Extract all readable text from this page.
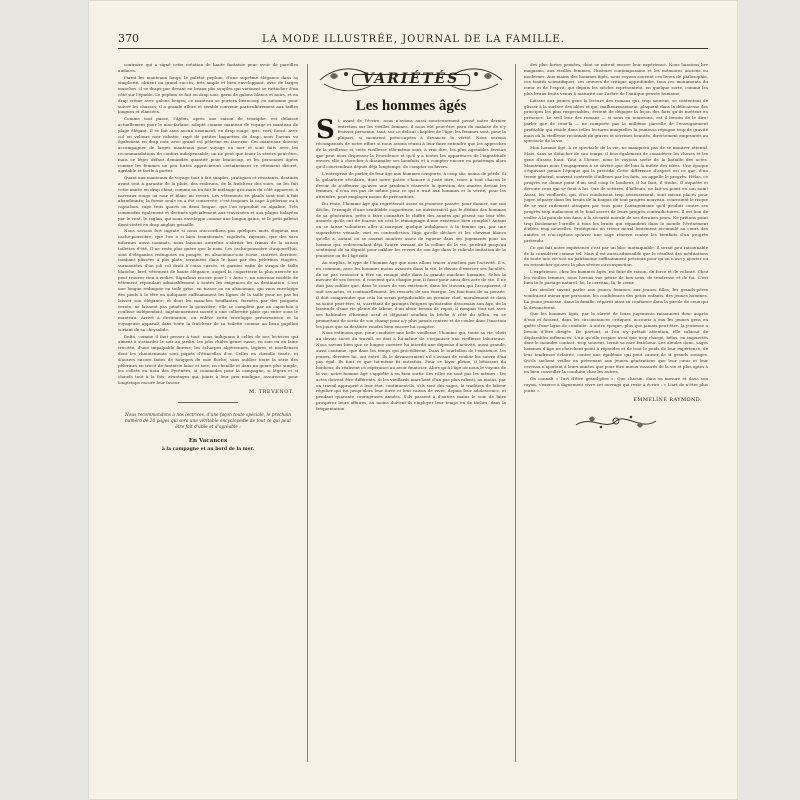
370	LA MODE ILLUSTRÉE, JOURNAL DE LA FAMILLE.

contraire qui a signé cette création de haute fantaisie pour avoir de pareilles audaces.

Parmi les manteaux longs, le paletot peplum, d'une suprême élégance dans sa simplicité, obtient un grand succès; très ample et bien enveloppant, avec de larges manches, il se drape par devant en beaux plis souples qui viennent se rattacher d'un côté sur l'épaule. Le peplum se fait en drap noir, garni de galons blancs et noirs, et en drap crème avec galons beiges; ce manteau se portera beaucoup en automne pour suivre les chasses; il a grande allure et semble convenir particulièrement aux tailles longues et élancées.

Comme tout passe, l'Ajdon, après une saison de triomphe, est délaissé actuellement pour le mac-farlane, adopté comme manteau de voyage et manteau de plage élégant. Il se fait sans aucun ornement, en drap rouge, gris, vert, foncé, avec col en velours noir rabattu, rayé de petites baguettes de drap; nous l'avons vu également en drap noir, avec grand col pèlerine en Lucerne. Ces manteaux doivent accompagner de larges manteaux pour voyage en mer et sont faits avec les recommandations de confort indispensable; on ne peut que louer la sévère peut-être, mais ce léger défaut demandés quantité pour beaucoup, et les personnes âgées comme les femmes un peu fortes apprécieront certainement ce vêtement discret, agréable et facile à porter.

Quant aux manteaux de voyage tout à fait simples, pratiques et résistants, destinés avant tout à garantir de la pluie, des embruns, de la fraîcheur des soirs, on les fait cette année en drap chiné, comme on en fait le mélange gris mais du côté apparent, à carreaux rouge ou noir et blanc au revers. Les vêtements en plaids sont tout à fait abandonnés; la forme seule en a été conservée; c'est toujours la cape à pèlerine ou à capuchon, cape trois quarts ou demi longue, que l'on reproduit en alpaline. Très commodes également et destinés spécialement aux traversées et aux plages balayées par le vent, le raglan, qui nous enveloppe comme une longue gaine, et le petit paletot demi-cintré en drap anglais grisaille.

Nous serions fort ingrate si nous n'accordions pas quelques mots élogieux aux cache-poussière, que l'on a si bien transformés, enjolivés, rajeunis, que des sacs informes aussi nommés, nous laissons autrefois s'abriter les frimas de la saison toilettes d'été. Il ne reste plus guère que le nom. Les cache-poussière d'aujourd'hui, sont d'élégantes redingotes en pongée, en alsacienne-soie écrue, cintrées derrière, tombant plissées à plis plats; terminées dans le haut par des pèlerines étagées, surmontées d'un joli col droit à coins cassés, et garnies enfin de straps de faille blanche; bref, vêtement de haute élégance, auquel la coquetterie la plus exercée ne peut trouver rien à redire. Signalons encore pour l' « Auto », un nouveau modèle de vêtement répondant admirablement à toutes les exigences de sa destination. C'est une longue redingote en toile grise, en tussor ou en alsacienne, qui vous enveloppe des pieds à la tête en indiquant suffisamment les lignes de la taille pour ne pas lui laisser son élégance; et dont les manches bouffantes, fermées par des poignets serrés, ne laissent pas pénétrer la poussière; elle se complète par un capuchon à coulisse indépendant, ingénieusement monté à une collerette plate qui entre sous le manteau. Arrivé à destination, on enlève cette enveloppe préservatrice et la voyageuse apparaît dans toute la fraîcheur de sa toilette comme un beau papillon sortant de sa chrysalide.

Enfin, comme il faut penser à tout, nous indiquons à celles de nos lectrices qui aiment à s'attarder le soir au jardin, les jolis châles genre russe, en soie ou en laine tricotée, d'une impalpable finesse; les écharpes algériennes, légères et moelleuses dont les chatoiements sont piqués d'étincelles d'or. Celles en chenille tissée, et d'autres encore faites de houppes de soie floche; sans oublier toute la série des pèlerines en tricot de fantaisie laine et soie, en chenille et dans un genre plus simple, les collets en tissu des Pyrénées, si commodes pour la campagne, si légers et si chauds tout à la fois; avantages qui, joints à leur prix modique, assureront pour longtemps encore leur faveur.

M. TREVENOT.
Nous recommandons à nos lectrices, d'une façon toute spéciale, le prochain numéro de 20 pages qui sera une véritable encyclopédie de tout ce qui peut être fait d'utile et d'agréable :
En Vacances
à la campagne et au bord de la mer.
VARIÉTÉS
Les hommes âgés

S i, avant de l'écrire, nous n'avions aussi soucieusement pensé notre dernier entretien sur les vieilles femmes, il nous eût peut-être paru du malaise de n'y froisser personne, tant, sur ce délicat chapitre de l'âge, les femmes sont, pour la plupart, si montrent préoccupées à devancer la vérité. Nous serions récompensés de notre effort si nous avions réussi à leur faire entendre que les approches de la vieillesse et cette vieillesse elle-même sont, à vrai dire, les plus agréables faveurs que peut nous dispenser la Providence et qu'il y a toutes les apparences de l'ingratitude envers elle à chercher à dissimuler ses bienfaits et à compter encore en printemps alors qu'il conviendrait depuis déjà longtemps, de compter en hivers.

L'entreprise de parler de leur âge aux hommes comporte, à coup sûr, moins de périls. Si la galanterie séculaire, dont notre patrie s'honore à juste titre, trace à tout chacun le devoir de n'affeurer qu'avec une prudence réservée la question des années devant les femmes, il n'en est pas de même pour ce qui a trait aux hommes et la vérité, pour les atteindre, peut employer moins de précautions.

Du reste, l'homme âgé qui regretterait assez sa jeunesse passée, pour donner, sur son déclin, l'exemple d'une semblable coquetterie, ne mériterait-il pas le dédain des hommes de sa génération, prêts à faire connaître le chiffre des années qui pèsent sur leur tête, assurés qu'ils ont de fournir un ceci le témoignage d'une existence bien remplie? Autant on se laisse volontiers aller à marquer quelque indulgence à la femme qui, par une superchérie véniaile, met en contradiction l'âge qu'elle déclare et les cheveux blancs qu'elle a, autant on se saurait montrer assez de rigueur dans ses jugements pour un homme qui, redescendant déjà l'autre versant de la colline de la vie, perdrait jusqu'au sentiment de sa dignité pour oublier les revers de son âge dans le ridicule imitation de la jeunesse ou de l'âge mûr.

Au surplus, le type de l'homme âgé que nous allons tracer n'exclura pas l'activité. Il a, en commun, avec les hommes moins avancés dans la vie, le devoir d'exercer ses facultés, de ne pas renoncer à être un rouage utile dans la grande machine humaine. Selon la mesure de ses forces, il convient qu'à chaque jour, il fasse pour ainsi dire acte de vie. Il ne doit pas oublier que, dans le cours de son existence, dans les travaux qui l'accaparent, il suit ses actes, et continuellement, les ressorts de son énergie, les fonctions de sa pensée. Il doit comprendre que cela lui serait préjudiciable au premier chef, moralement et dans sa santé peut-être, si, s'arrêtant de prompts fatigues qu'entraîne désormais son âge, de la lassitude d'une vie pleine de labeur, d'un abuïr besoin de repos, il rompait tout net avec ses habitudes d'homme actif et déposait soudain la bêche à côté du sillon, en se promettant de sortir de son champ pour n'y plus jamais rentrer et de couler dans l'inaction les jours que sa destinée voudra bien encore lui compter.

Nous estimons que, pour conduire une belle vieillesse, l'homme qui, toute sa vie, obéit au devoir sacré du travail, se doit à lui-même de s'organiser une vieillesse laborieuse. Nous savons bien que ce longue carrière lui interdit une dépense d'activité, aussi grande, aussi continue, que dans les temps qui précédèrent. Dans le tourbillon de l'existence, les jeunes, derrière lui, ont entré. Ils le devanceraient s'il s'avisait de vouloir les suivre d'un pas égal. Ils font ce que lui-même fit autrefois. Pour ce loyer pleine, il bêtissent du bonheur, ils réalisent ce espérance au avoir financier. Alors qu'à l'âge où nous le voyons de la vie, notre homme âgé s'apprête à en bien sortir. Les rôles ne sont pas les mêmes : les actes doivent être différents. Si les vieillards marchent d'un pas plus ralenti, au moins, par un travail approprié à leur état, continuent-ils, s'ils sont des sages, la tradition de labeur régulier qui fut jusqu'alors leur force et leur raison de vivre, depuis leur adolescence, et pendant quarante courageuses années. S'ils passent à d'autres mains le soin de faire prospérer leurs affaires, au moins doivent-ils employer leur temps en de tâches, dans la fréquentation

des plus fortes pensées, dont se mirent encore leur expérience. Nous laissions lire magazins, aux vieilles femmes, l'histoire contemporaine et les mémoires anciens ou modernes. Aux mains des hommes âgés, nous voyons souvent ces livres de philosophie, ces traités scientifiques, ces œuvres de critique approfondie, tous ces monuments du cœur et de l'esprit, qui depuis les siècles représentent, en quelque sorte, comme les plus beaux fruits venus à maturité sur l'arbre de l'antique pensée humaine.

Laissez aux jeunes gens la lecture des romans qui, trop souvent, se contentent de glisser à la surface des idées et qui, malheureusement, plaquent dans la délicatesse des principes les plus respectables, évitent de dégager la leçon des faits qu'ils mettent en présence. Le seul leur des romans — si nous en nourrions, est il besoin de le dire! parler que de ceux-là — ne comporte pas la millième parcelle de l'enseignement profitable qui réside dans telles lectures auxquelles la jeunesse répugne trop de gravité mais où la vieillesse reconnaît de graves et sereines beautés, directement empruntés au spectacle de la vie.

Mon homme âgé, à ce spectacle de la vie, ne manquera pas de se montrer attentif. Mais, sans se détacher de son temps, il fera également de considérer les choses et les gens d'assez haut. Tout à l'heure, nous le voyions sortir de la bataille des actes. Maintenant nous l'engagerons à se sévère que de loin la mêlée des idées. Une époque s'équivaut jamais l'époque qui la précéda. Cette différence d'aspect est ce que, d'un terme général, souvent contredit d'ailleurs par les faits, on appelle le progrès. Hélas, ce progrès ne donne point d'un seul coup le bonheur, il lui faut, il titube. Il inquiète et déroute ceux qui se fient à lui. Que de sottises, d'ailleurs, ne fait-on point en son nom! Aussi, les vieillards, qui, d'ici conduisent trop sérieusement, sont mieux placés pour juger, séparer dans les bruits de la fougue de tout progrès nouveau, courraient le risque de se voir rudement attaquer par tous pour l'antagonisme qu'il produit contre ses progrès trop audacieux et le fond secret de leurs progrès contradictoires. Il est bon de veiller à la paix de son âme, à la sécurité morale de ses derniers jours. Ne prêtons point trop facilement l'oreille à tous les bruits qui répandent dans le monde l'événement d'idées trop nouvelles. Protégeons un trésor moral lentement accumulé au cours des années et n'acceptons qu'avec une sage réserve contre les bienfaits d'un progrès prétendu.

Ce qui fait notre expérience c'est par un bloc inattaquable. Il serait peu raisonnable de la considérer comme tel. Mais il est aussi admissible que le résultat des méditations de toute une vie soit un patrimoine suffisamment précieux pour qu'on n'ose y ajouter ou en retrancher qu'avec la plus sévère circonspection.

L'expérience, chez les hommes âgés, est faite de raison, de force et de volonté. Chez les vieilles femmes, nous l'avons vue pétrie de bon sens, de tendresse et de foi. C'est bien là le partage naturel, loi, le cerveau, là, le cœur.

Les aïeules savent parler aux jeunes femmes, aux jeunes filles; les grands-pères voudraient mieux que personne, les confidences des petits enfants, des jeunes hommes. La jeune jeunesse, dans la famille, répartit ainsi sa confiance dans la parole de ceux qui la devancèrent.

Que les hommes âgés, par la sûreté de leurs jugements raisonnent donc auprès d'eux et fassent, dans les circonstances critiques, accourir à eux les jeunes gens en quête d'une ligne de conduite. A notre époque, plus que jamais peut-être, la jeunesse a besoin d'être dirigée. De partout, si l'on n'y prêtait attention, elle subirait de déplorables influences. L'air qu'elle respire n'est que trop chargé, hélas, en impuretés dont le moindre contact, trop souvent, ternit sa rare fraîcheur. Les aïeules donc, sages hommes d'âge ne cherchent point à répondre et de tout le poids de leur expérience, de leur tendresse éclairée, contre une épidémie qui peut causer de si grands ravages. Qu'ils sachent veiller en prévenant aux jeunes générations que leur cœur et leur cerveau n'ajoutent à leurs années que pour être mieux rassurés de la vie et plus aptes à en bien conseiller la conduite chez les autres.

On connaît « l'art d'être grand-père ». Que chacun, dans sa mesure et dans son rayon, s'exerce à dignement vivre cet ouvrage qui reste à écrire : « L'art de n'être plus jeune ».

EMMELINE RAYMOND.
